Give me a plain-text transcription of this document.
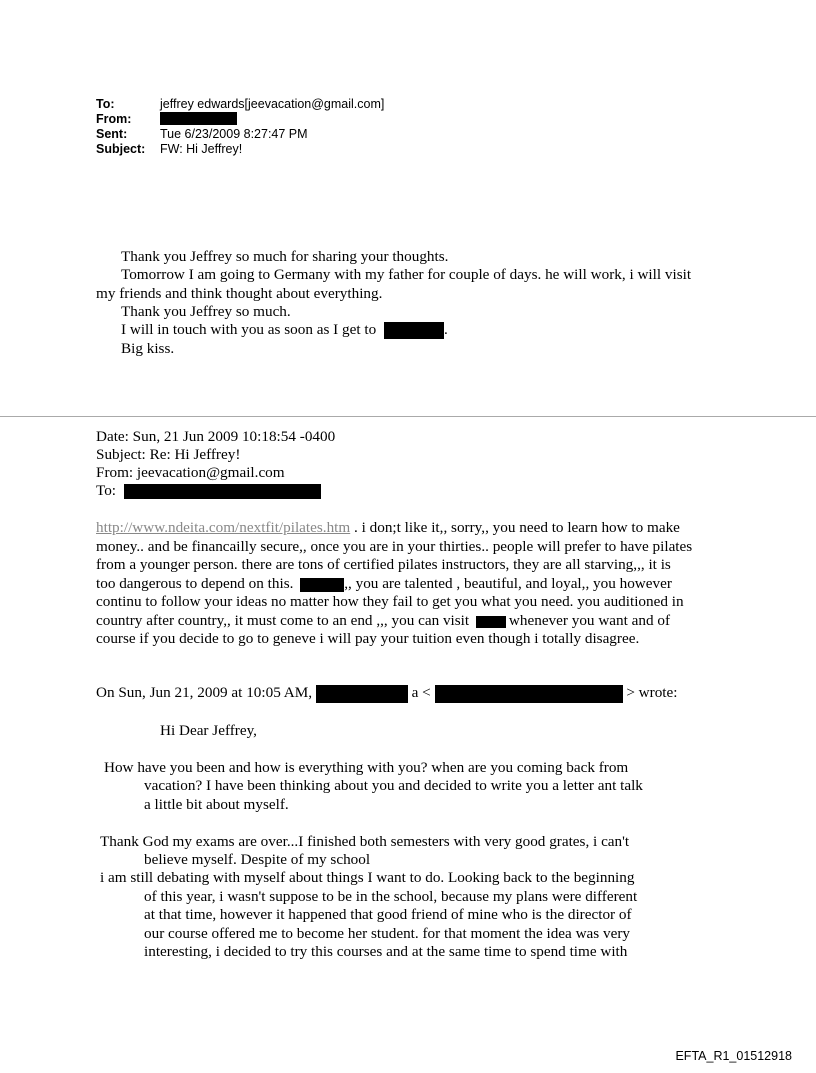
To:	jeffrey edwards[jeevacation@gmail.com]
From:
Sent:	Tue 6/23/2009 8:27:47 PM
Subject:	FW: Hi Jeffrey!
Thank you Jeffrey so much for sharing your thoughts.
Tomorrow I am going to Germany with my father for couple of days. he will work, i will visit
my friends and think thought about everything.
Thank you Jeffrey so much.
I will in touch with you as soon as I get to	.
Big kiss.
Date: Sun, 21 Jun 2009 10:18:54 -0400
Subject: Re: Hi Jeffrey!
From: jeevacation@gmail.com
To:
http://www.ndeita.com/nextfit/pilates.htm . i don;t like it,, sorry,, you need to learn how to make
money.. and be financailly secure,, once you are in your thirties.. people will prefer to have pilates
from a younger person. there are tons of certified pilates instructors, they are all starving,,, it is
too dangerous to depend on this.	,, you are talented , beautiful, and loyal,, you however
continu to follow your ideas no matter how they fail to get you what you need. you auditioned in
country after country,, it must come to an end ,,, you can visit	whenever you want and of
course if you decide to go to geneve i will pay your tuition even though i totally disagree.
On Sun, Jun 21, 2009 at 10:05 AM,	a <	> wrote:
Hi Dear Jeffrey,
How have you been and how is everything with you? when are you coming back from
vacation? I have been thinking about you and decided to write you a letter ant talk
a little bit about myself.
Thank God my exams are over...I finished both semesters with very good grates, i can't
believe myself. Despite of my school
i am still debating with myself about things I want to do. Looking back to the beginning
of this year, i wasn't suppose to be in the school, because my plans were different
at that time, however it happened that good friend of mine who is the director of
our course offered me to become her student. for that moment the idea was very
interesting, i decided to try this courses and at the same time to spend time with
EFTA_R1_01512918
